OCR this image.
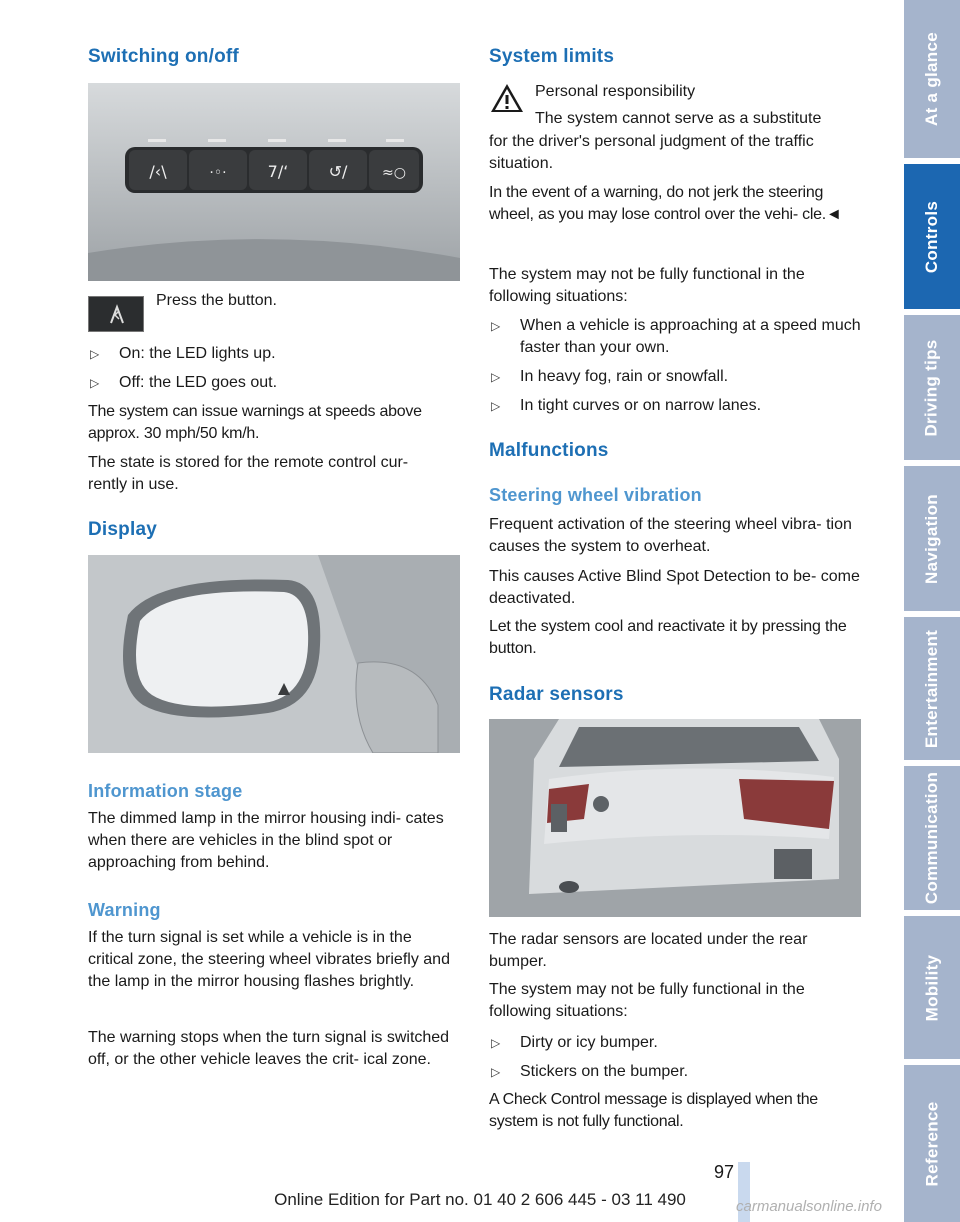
Switching on/off
/‹\	⋅◦⋅	7/‘	↺/ ≈○

Press the button.

▷ On: the LED lights up.
▷ Off: the LED goes out.

The system can issue warnings at speeds above approx. 30 mph/50 km/h.

The state is stored for the remote control cur- rently in use.

Display
Information stage

The dimmed lamp in the mirror housing indi- cates when there are vehicles in the blind spot or approaching from behind.

Warning

If the turn signal is set while a vehicle is in the critical zone, the steering wheel vibrates briefly and the lamp in the mirror housing flashes brightly.

The warning stops when the turn signal is switched off, or the other vehicle leaves the crit- ical zone.

System limits

Personal responsibility

The system cannot serve as a substitute

for the driver's personal judgment of the traffic situation.

In the event of a warning, do not jerk the steering wheel, as you may lose control over the vehi- cle.◄

The system may not be fully functional in the following situations:

▷ When a vehicle is approaching at a speed much faster than your own.
▷ In heavy fog, rain or snowfall.
▷ In tight curves or on narrow lanes.
Malfunctions
Steering wheel vibration

Frequent activation of the steering wheel vibra- tion causes the system to overheat.

This causes Active Blind Spot Detection to be- come deactivated.

Let the system cool and reactivate it by pressing the button.

Radar sensors

The radar sensors are located under the rear bumper.

The system may not be fully functional in the following situations:

▷ Dirty or icy bumper.
▷ Stickers on the bumper.

A Check Control message is displayed when the system is not fully functional.

At a glance
Controls
Driving tips
Navigation
Entertainment
Communication
Mobility
Reference
97
Online Edition for Part no. 01 40 2 606 445 - 03 11 490	carmanualsonline.info
